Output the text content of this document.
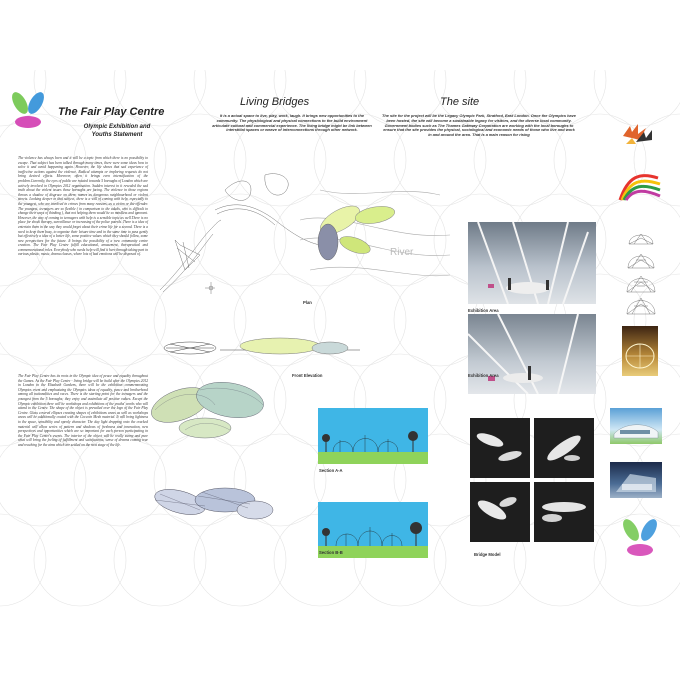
The Fair Play Centre
Olympic Exhibition and
Youths Statement

The violence has always been and it will be a topic from which there is no possibility to escape. That subject has been talked through many times, there were some ideas how to solve it and avoid happening again. However, the life shows that sad experience of ineffective actions against the violence. Radical attempts or imploring requests do not bring desired effects. Moreover, often it brings even intensification of the problem.Currently, the eyes of public are rotated towards 5 boroughs of London which are actively involved in Olympics 2012 organisation. Sudden interest in it revealed the sad truth about the violent issues those boroughs are facing. The violence in those regions throws a shadow of disgrace on them, names as dangerous neighbourhood or violent streets. Looking deeper in that subject, there is a will of coming with help, especially to the youngest, who are involved in crimes from many reasons, as a victim or the offender. The youngest, teenagers are so flexible ( in comparison to the adults, who is difficult to change their ways of thinking ), that not helping them would be so mindless and ignorant. However, the way of coming to teenagers with help is a sensible topic as well.There is no place for shock therapy, surveillance or increasing of the police patrols. There is a idea of entertain them in the way they would forget about their crime life for a second. There is a need to keep them busy, to organize their leisure time and in the same time to pass gently but effectively a idea of a better life, some positive values which they should follow, some new perspectives for the future. It brings the possibility of a new community centre creation. The Fair Play Centre fulfill educational, amusement, therapeutical and commemorational roles. Everybody who needs help will find it here through taking part in various plastic, music, drama classes, where lots of bad emotions will be disposed of.

The Fair Play Centre has its roots in the Olympic idea of peace and equality throughout the Games. As the Fair Play Centre - living bridge will be build after the Olympics 2012 in London in the Elizabeth Gardens, there will be the exhibition commemorating Olympics event and emphasizing the Olympics ideas of equality, peace and brotherhood among all nationalities and races. There is the starting point for the teenagers and the youngest from the 5 boroughs; they enjoy and assimilate all positive values. Except the Olympic exhibition there will be workshops and exhibitions of the youths' works who will attend to the Centre. The shape of the object is prevailed over the logo of the Fair Play Centre. Glass covered ellipses creating shapes of exhibitions areas as well as workshops areas will be additionally coated with the Coccoin Mesh material. It will bring lightness to the space, sensibility and openly character. The day light dropping onto the cracked material will allow series of pattern and shadows of freshness and innovation, new perspectives and opportunities which are so important for each person participating in the Fair Play Centre's events. The interior of the object will be really sunny and pure what will bring the feeling of fulfillment and satisfactions, sense of dreams coming true and reaching for the aims which are settled on the next stage of the life.

Living Bridges

It is a actual space to live, play, work, laugh. It brings new opportunities to the community. The physiological and physical connections to the build environment articulate cultural and commercial experience. The living bridge might be link between interstitial spaces or weave of interconnections through other network.

River
Plan
Front Elevation
Section A-A
Section B-B
The site

The site for the project will be the Legacy Olympic Park, Stratford, East London. Once the Olympics have been hosted, the site will become a sustainable legacy for visitors, and the diverse local community. Government bodies such as The Thames Gateway Corporation are working with the local boroughs to ensure that the site provides the physical, sociological and economic needs of those who live and work in and around the area. That is a main reason for rising

Exhibition Area
Exhibition Area
Bridge Model
